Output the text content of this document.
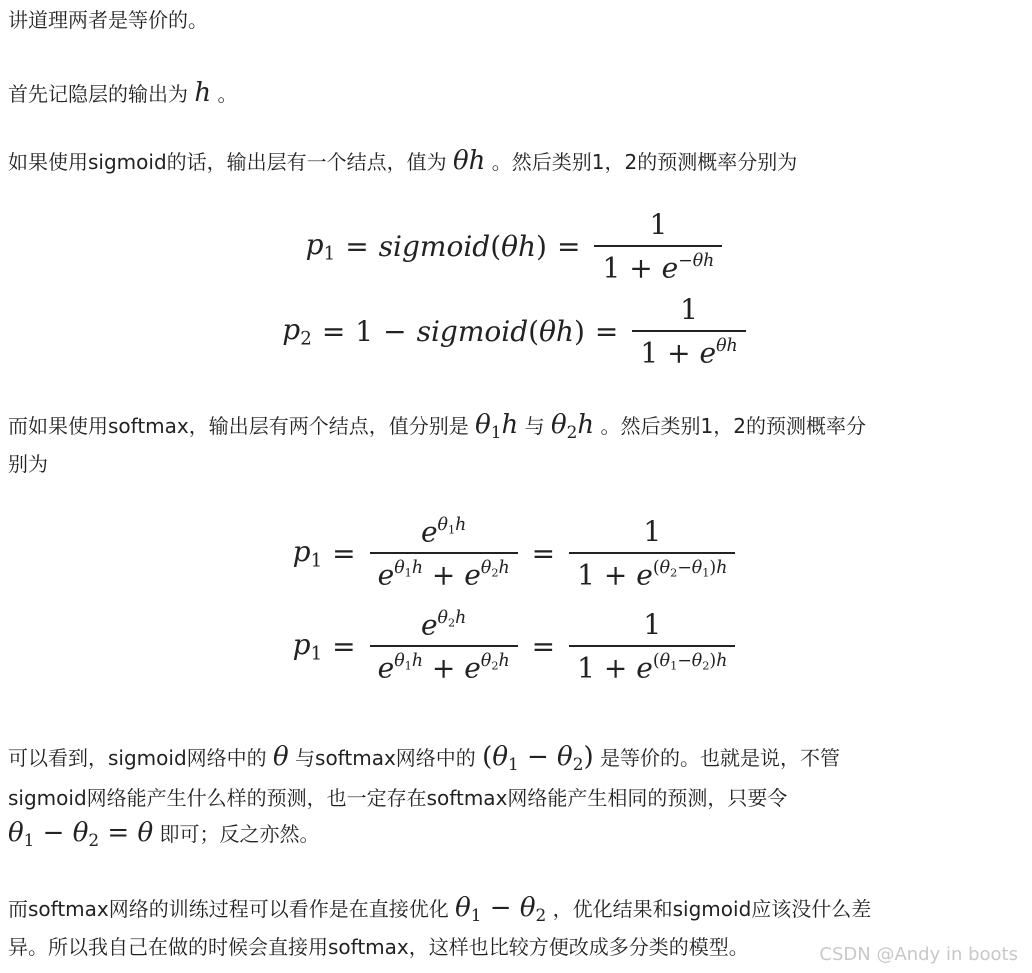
讲道理两者是等价的。
首先记隐层的输出为 h 。
如果使用sigmoid的话，输出层有一个结点，值为 θh 。然后类别1，2的预测概率分别为
$p_1$ = sigmoid(θh) = $\frac{1}{1 + e^{-\theta h}}$
$p_2 = 1$ − sigmoid(θh) = $\frac{1}{1 + e^{\theta h}}$
而如果使用softmax，输出层有两个结点，值分别是 $\theta_1h$ 与 $\theta_2h$ 。然后类别1，2的预测概率分
别为
$p_1 = \frac{e^{\theta_1h}}{e^{\theta_1h} + e^{\theta_2h}} = \frac{1}{1 + e^{(\theta_2-\theta_1)h}}$
$p_1 = \frac{e^{\theta_2h}}{e^{\theta_1h} + e^{\theta_2h}} = \frac{1}{1 + e^{(\theta_1-\theta_2)h}}$
可以看到，sigmoid网络中的 θ 与softmax网络中的 $(\theta_1 - \theta_2)$ 是等价的。也就是说，不管
sigmoid网络能产生什么样的预测，也一定存在softmax网络能产生相同的预测，只要令
$\theta_1 - \theta_2 = \theta$ 即可；反之亦然。
而softmax网络的训练过程可以看作是在直接优化 $\theta_1 - \theta_2$ ，优化结果和sigmoid应该没什么差
异。所以我自己在做的时候会直接用softmax，这样也比较方便改成多分类的模型。	CSDN @Andy in boots
